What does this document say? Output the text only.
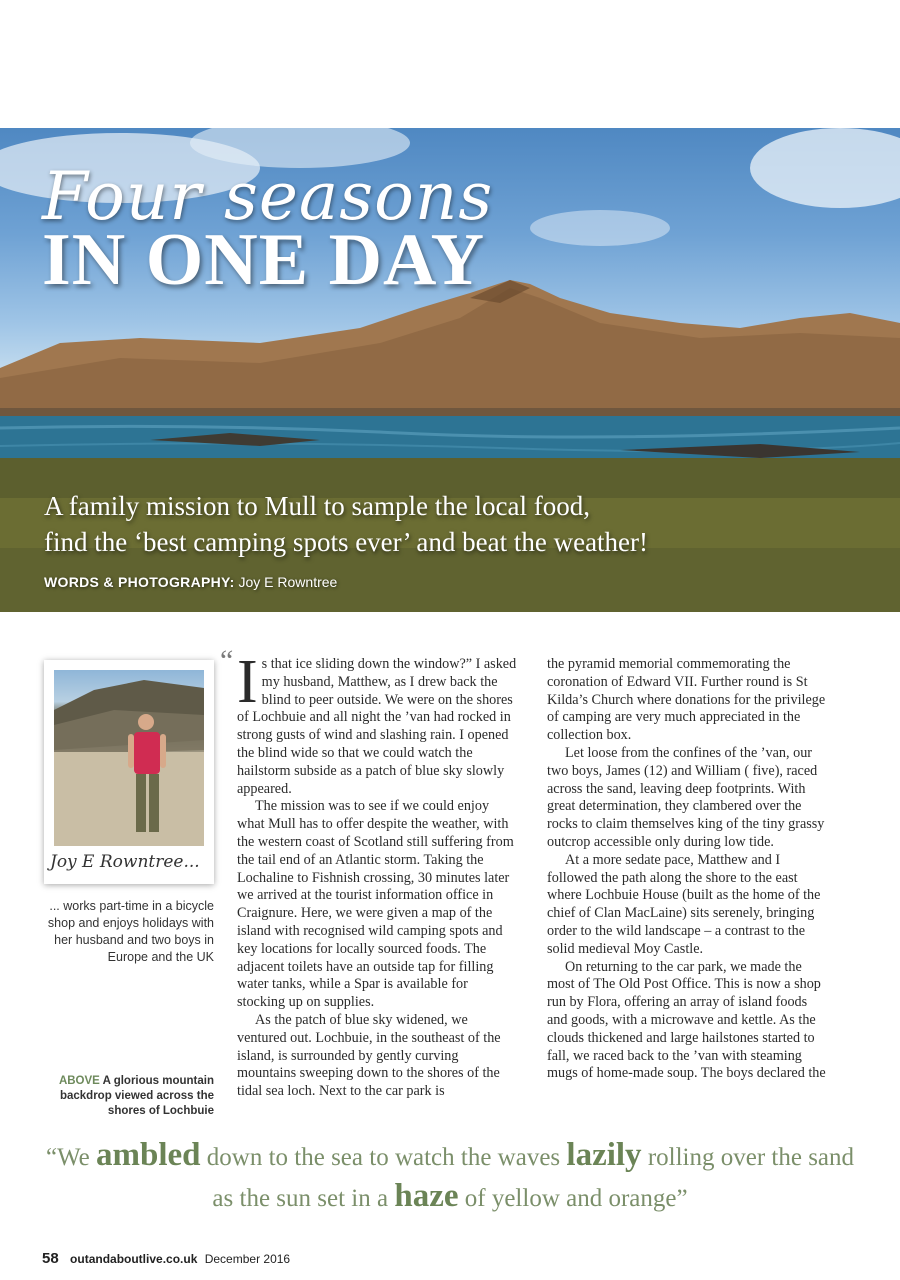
Four seasons
IN ONE DAY
A family mission to Mull to sample the local food,
find the ‘best camping spots ever’ and beat the weather!
WORDS & PHOTOGRAPHY: Joy E Rowntree
Joy E Rowntree...
... works part-time in a bicycle shop and enjoys holidays with her husband and two boys in Europe and the UK
ABOVE A glorious mountain backdrop viewed across the shores of Lochbuie
“ Is that ice sliding down the window?” I asked my husband, Matthew, as I drew back the blind to peer outside. We were on the shores of Lochbuie and all night the ’van had rocked in strong gusts of wind and slashing rain. I opened the blind wide so that we could watch the hailstorm subside as a patch of blue sky slowly appeared.

The mission was to see if we could enjoy what Mull has to offer despite the weather, with the western coast of Scotland still suffering from the tail end of an Atlantic storm. Taking the Lochaline to Fishnish crossing, 30 minutes later we arrived at the tourist information office in Craignure. Here, we were given a map of the island with recognised wild camping spots and key locations for locally sourced foods. The adjacent toilets have an outside tap for filling water tanks, while a Spar is available for stocking up on supplies.

As the patch of blue sky widened, we ventured out. Lochbuie, in the southeast of the island, is surrounded by gently curving mountains sweeping down to the shores of the tidal sea loch. Next to the car park is

the pyramid memorial commemorating the coronation of Edward VII. Further round is St Kilda’s Church where donations for the privilege of camping are very much appreciated in the collection box.

Let loose from the confines of the ’van, our two boys, James (12) and William ( five), raced across the sand, leaving deep footprints. With great determination, they clambered over the rocks to claim themselves king of the tiny grassy outcrop accessible only during low tide.

At a more sedate pace, Matthew and I followed the path along the shore to the east where Lochbuie House (built as the home of the chief of Clan MacLaine) sits serenely, bringing order to the wild landscape – a contrast to the solid medieval Moy Castle.

On returning to the car park, we made the most of The Old Post Office. This is now a shop run by Flora, offering an array of island foods and goods, with a microwave and kettle. As the clouds thickened and large hailstones started to fall, we raced back to the ’van with steaming mugs of home-made soup. The boys declared the

“We ambled down to the sea to watch the waves lazily rolling over the sand as the sun set in a haze of yellow and orange”
58 outandaboutlive.co.uk December 2016
